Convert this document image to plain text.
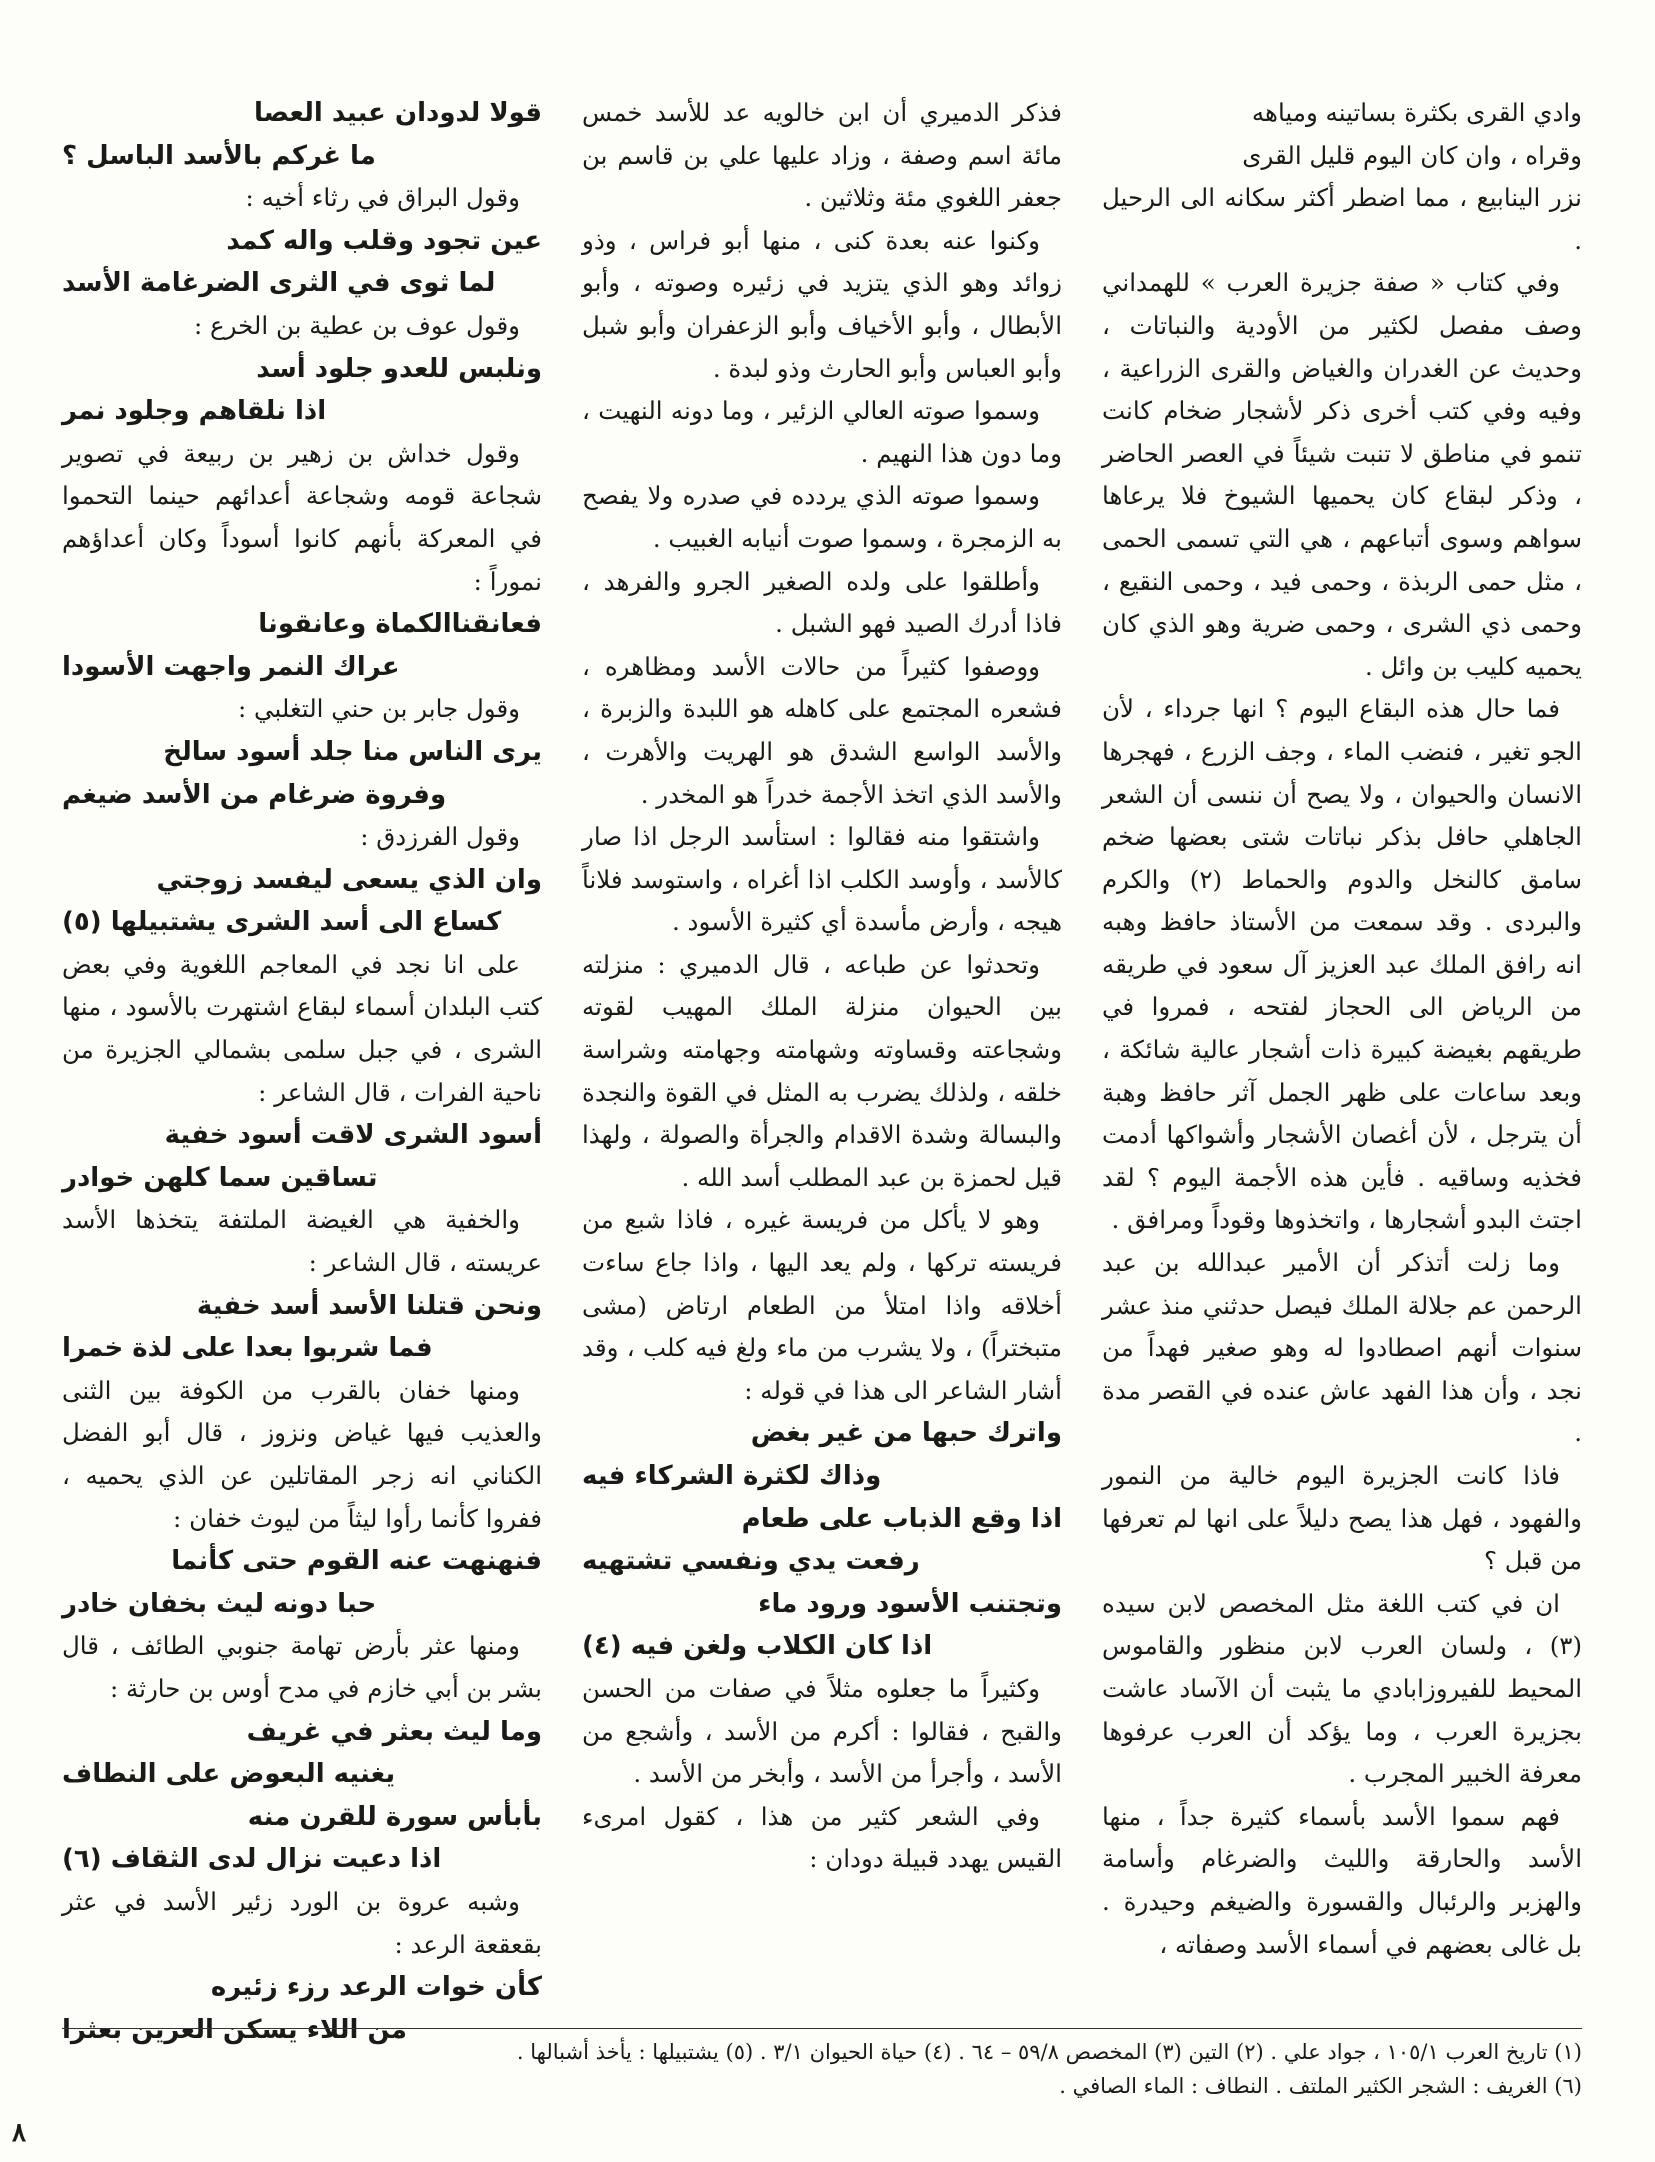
وادي القرى بكثرة بساتينه ومياهه

وقراه ، وان كان اليوم قليل القرى

نزر الينابيع ، مما اضطر أكثر سكانه الى الرحيل .

وفي كتاب « صفة جزيرة العرب » للهمداني وصف مفصل لكثير من الأودية والنباتات ، وحديث عن الغدران والغياض والقرى الزراعية ، وفيه وفي كتب أخرى ذكر لأشجار ضخام كانت تنمو في مناطق لا تنبت شيئاً في العصر الحاضر ، وذكر لبقاع كان يحميها الشيوخ فلا يرعاها سواهم وسوى أتباعهم ، هي التي تسمى الحمى ، مثل حمى الربذة ، وحمى فيد ، وحمى النقيع ، وحمى ذي الشرى ، وحمى ضرية وهو الذي كان يحميه كليب بن وائل .

فما حال هذه البقاع اليوم ؟ انها جرداء ، لأن الجو تغير ، فنضب الماء ، وجف الزرع ، فهجرها الانسان والحيوان ، ولا يصح أن ننسى أن الشعر الجاهلي حافل بذكر نباتات شتى بعضها ضخم سامق كالنخل والدوم والحماط (٢) والكرم والبردى . وقد سمعت من الأستاذ حافظ وهبه انه رافق الملك عبد العزيز آل سعود في طريقه من الرياض الى الحجاز لفتحه ، فمروا في طريقهم بغيضة كبيرة ذات أشجار عالية شائكة ، وبعد ساعات على ظهر الجمل آثر حافظ وهبة أن يترجل ، لأن أغصان الأشجار وأشواكها أدمت فخذيه وساقيه . فأين هذه الأجمة اليوم ؟ لقد اجتث البدو أشجارها ، واتخذوها وقوداً ومرافق .

وما زلت أتذكر أن الأمير عبدالله بن عبد الرحمن عم جلالة الملك فيصل حدثني منذ عشر سنوات أنهم اصطادوا له وهو صغير فهداً من نجد ، وأن هذا الفهد عاش عنده في القصر مدة .

فاذا كانت الجزيرة اليوم خالية من النمور والفهود ، فهل هذا يصح دليلاً على انها لم تعرفها من قبل ؟

ان في كتب اللغة مثل المخصص لابن سيده (٣) ، ولسان العرب لابن منظور والقاموس المحيط للفيروزابادي ما يثبت أن الآساد عاشت بجزيرة العرب ، وما يؤكد أن العرب عرفوها معرفة الخبير المجرب .

فهم سموا الأسد بأسماء كثيرة جداً ، منها الأسد والحارقة والليث والضرغام وأسامة والهزبر والرئبال والقسورة والضيغم وحيدرة . بل غالى بعضهم في أسماء الأسد وصفاته ،

فذكر الدميري أن ابن خالويه عد للأسد خمس مائة اسم وصفة ، وزاد عليها علي بن قاسم بن جعفر اللغوي مئة وثلاثين .

وكنوا عنه بعدة كنى ، منها أبو فراس ، وذو زوائد وهو الذي يتزيد في زئيره وصوته ، وأبو الأبطال ، وأبو الأخياف وأبو الزعفران وأبو شبل وأبو العباس وأبو الحارث وذو لبدة .

وسموا صوته العالي الزئير ، وما دونه النهيت ، وما دون هذا النهيم .

وسموا صوته الذي يردده في صدره ولا يفصح به الزمجرة ، وسموا صوت أنيابه الغبيب .

وأطلقوا على ولده الصغير الجرو والفرهد ، فاذا أدرك الصيد فهو الشبل .

ووصفوا كثيراً من حالات الأسد ومظاهره ، فشعره المجتمع على كاهله هو اللبدة والزبرة ، والأسد الواسع الشدق هو الهريت والأهرت ، والأسد الذي اتخذ الأجمة خدراً هو المخدر .

واشتقوا منه فقالوا : استأسد الرجل اذا صار كالأسد ، وأوسد الكلب اذا أغراه ، واستوسد فلاناً هيجه ، وأرض مأسدة أي كثيرة الأسود .

وتحدثوا عن طباعه ، قال الدميري : منزلته بين الحيوان منزلة الملك المهيب لقوته وشجاعته وقساوته وشهامته وجهامته وشراسة خلقه ، ولذلك يضرب به المثل في القوة والنجدة والبسالة وشدة الاقدام والجرأة والصولة ، ولهذا قيل لحمزة بن عبد المطلب أسد الله .

وهو لا يأكل من فريسة غيره ، فاذا شبع من فريسته تركها ، ولم يعد اليها ، واذا جاع ساءت أخلاقه واذا امتلأ من الطعام ارتاض (مشى متبختراً) ، ولا يشرب من ماء ولغ فيه كلب ، وقد أشار الشاعر الى هذا في قوله :

واترك حبها من غير بغض

وذاك لكثرة الشركاء فيه

اذا وقع الذباب على طعام

رفعت يدي ونفسي تشتهيه

وتجتنب الأسود ورود ماء

اذا كان الكلاب ولغن فيه (٤)

وكثيراً ما جعلوه مثلاً في صفات من الحسن والقبح ، فقالوا : أكرم من الأسد ، وأشجع من الأسد ، وأجرأ من الأسد ، وأبخر من الأسد .

وفي الشعر كثير من هذا ، كقول امرىء القيس يهدد قبيلة دودان :

قولا لدودان عبيد العصا

ما غركم بالأسد الباسل ؟

وقول البراق في رثاء أخيه :

عين تجود وقلب واله كمد

لما ثوى في الثرى الضرغامة الأسد

وقول عوف بن عطية بن الخرع :

ونلبس للعدو جلود أسد

اذا نلقاهم وجلود نمر

وقول خداش بن زهير بن ربيعة في تصوير شجاعة قومه وشجاعة أعدائهم حينما التحموا في المعركة بأنهم كانوا أسوداً وكان أعداؤهم نموراً :

فعانقناالكماة وعانقونا

عراك النمر واجهت الأسودا

وقول جابر بن حني التغلبي :

يرى الناس منا جلد أسود سالخ

وفروة ضرغام من الأسد ضيغم

وقول الفرزدق :

وان الذي يسعى ليفسد زوجتي

كساع الى أسد الشرى يشتبيلها (٥)

على انا نجد في المعاجم اللغوية وفي بعض كتب البلدان أسماء لبقاع اشتهرت بالأسود ، منها الشرى ، في جبل سلمى بشمالي الجزيرة من ناحية الفرات ، قال الشاعر :

أسود الشرى لاقت أسود خفية

تساقين سما كلهن خوادر

والخفية هي الغيضة الملتفة يتخذها الأسد عريسته ، قال الشاعر :

ونحن قتلنا الأسد أسد خفية

فما شربوا بعدا على لذة خمرا

ومنها خفان بالقرب من الكوفة بين الثنى والعذيب فيها غياض ونزوز ، قال أبو الفضل الكناني انه زجر المقاتلين عن الذي يحميه ، ففروا كأنما رأوا ليثاً من ليوث خفان :

فنهنهت عنه القوم حتى كأنما

حبا دونه ليث بخفان خادر

ومنها عثر بأرض تهامة جنوبي الطائف ، قال بشر بن أبي خازم في مدح أوس بن حارثة :

وما ليث بعثر في غريف

يغنيه البعوض على النطاف

بأبأس سورة للقرن منه

اذا دعيت نزال لدى الثقاف (٦)

وشبه عروة بن الورد زئير الأسد في عثر بقعقعة الرعد :

كأن خوات الرعد رزء زئيره

من اللاء يسكن العرين بعثرا

(١) تاريخ العرب ١٠٥/١ ، جواد علي . (٢) التين (٣) المخصص ٥٩/٨ – ٦٤ . (٤) حياة الحيوان ٣/١ . (٥) يشتبيلها : يأخذ أشبالها .
(٦) الغريف : الشجر الكثير الملتف . النطاف : الماء الصافي .
٨
